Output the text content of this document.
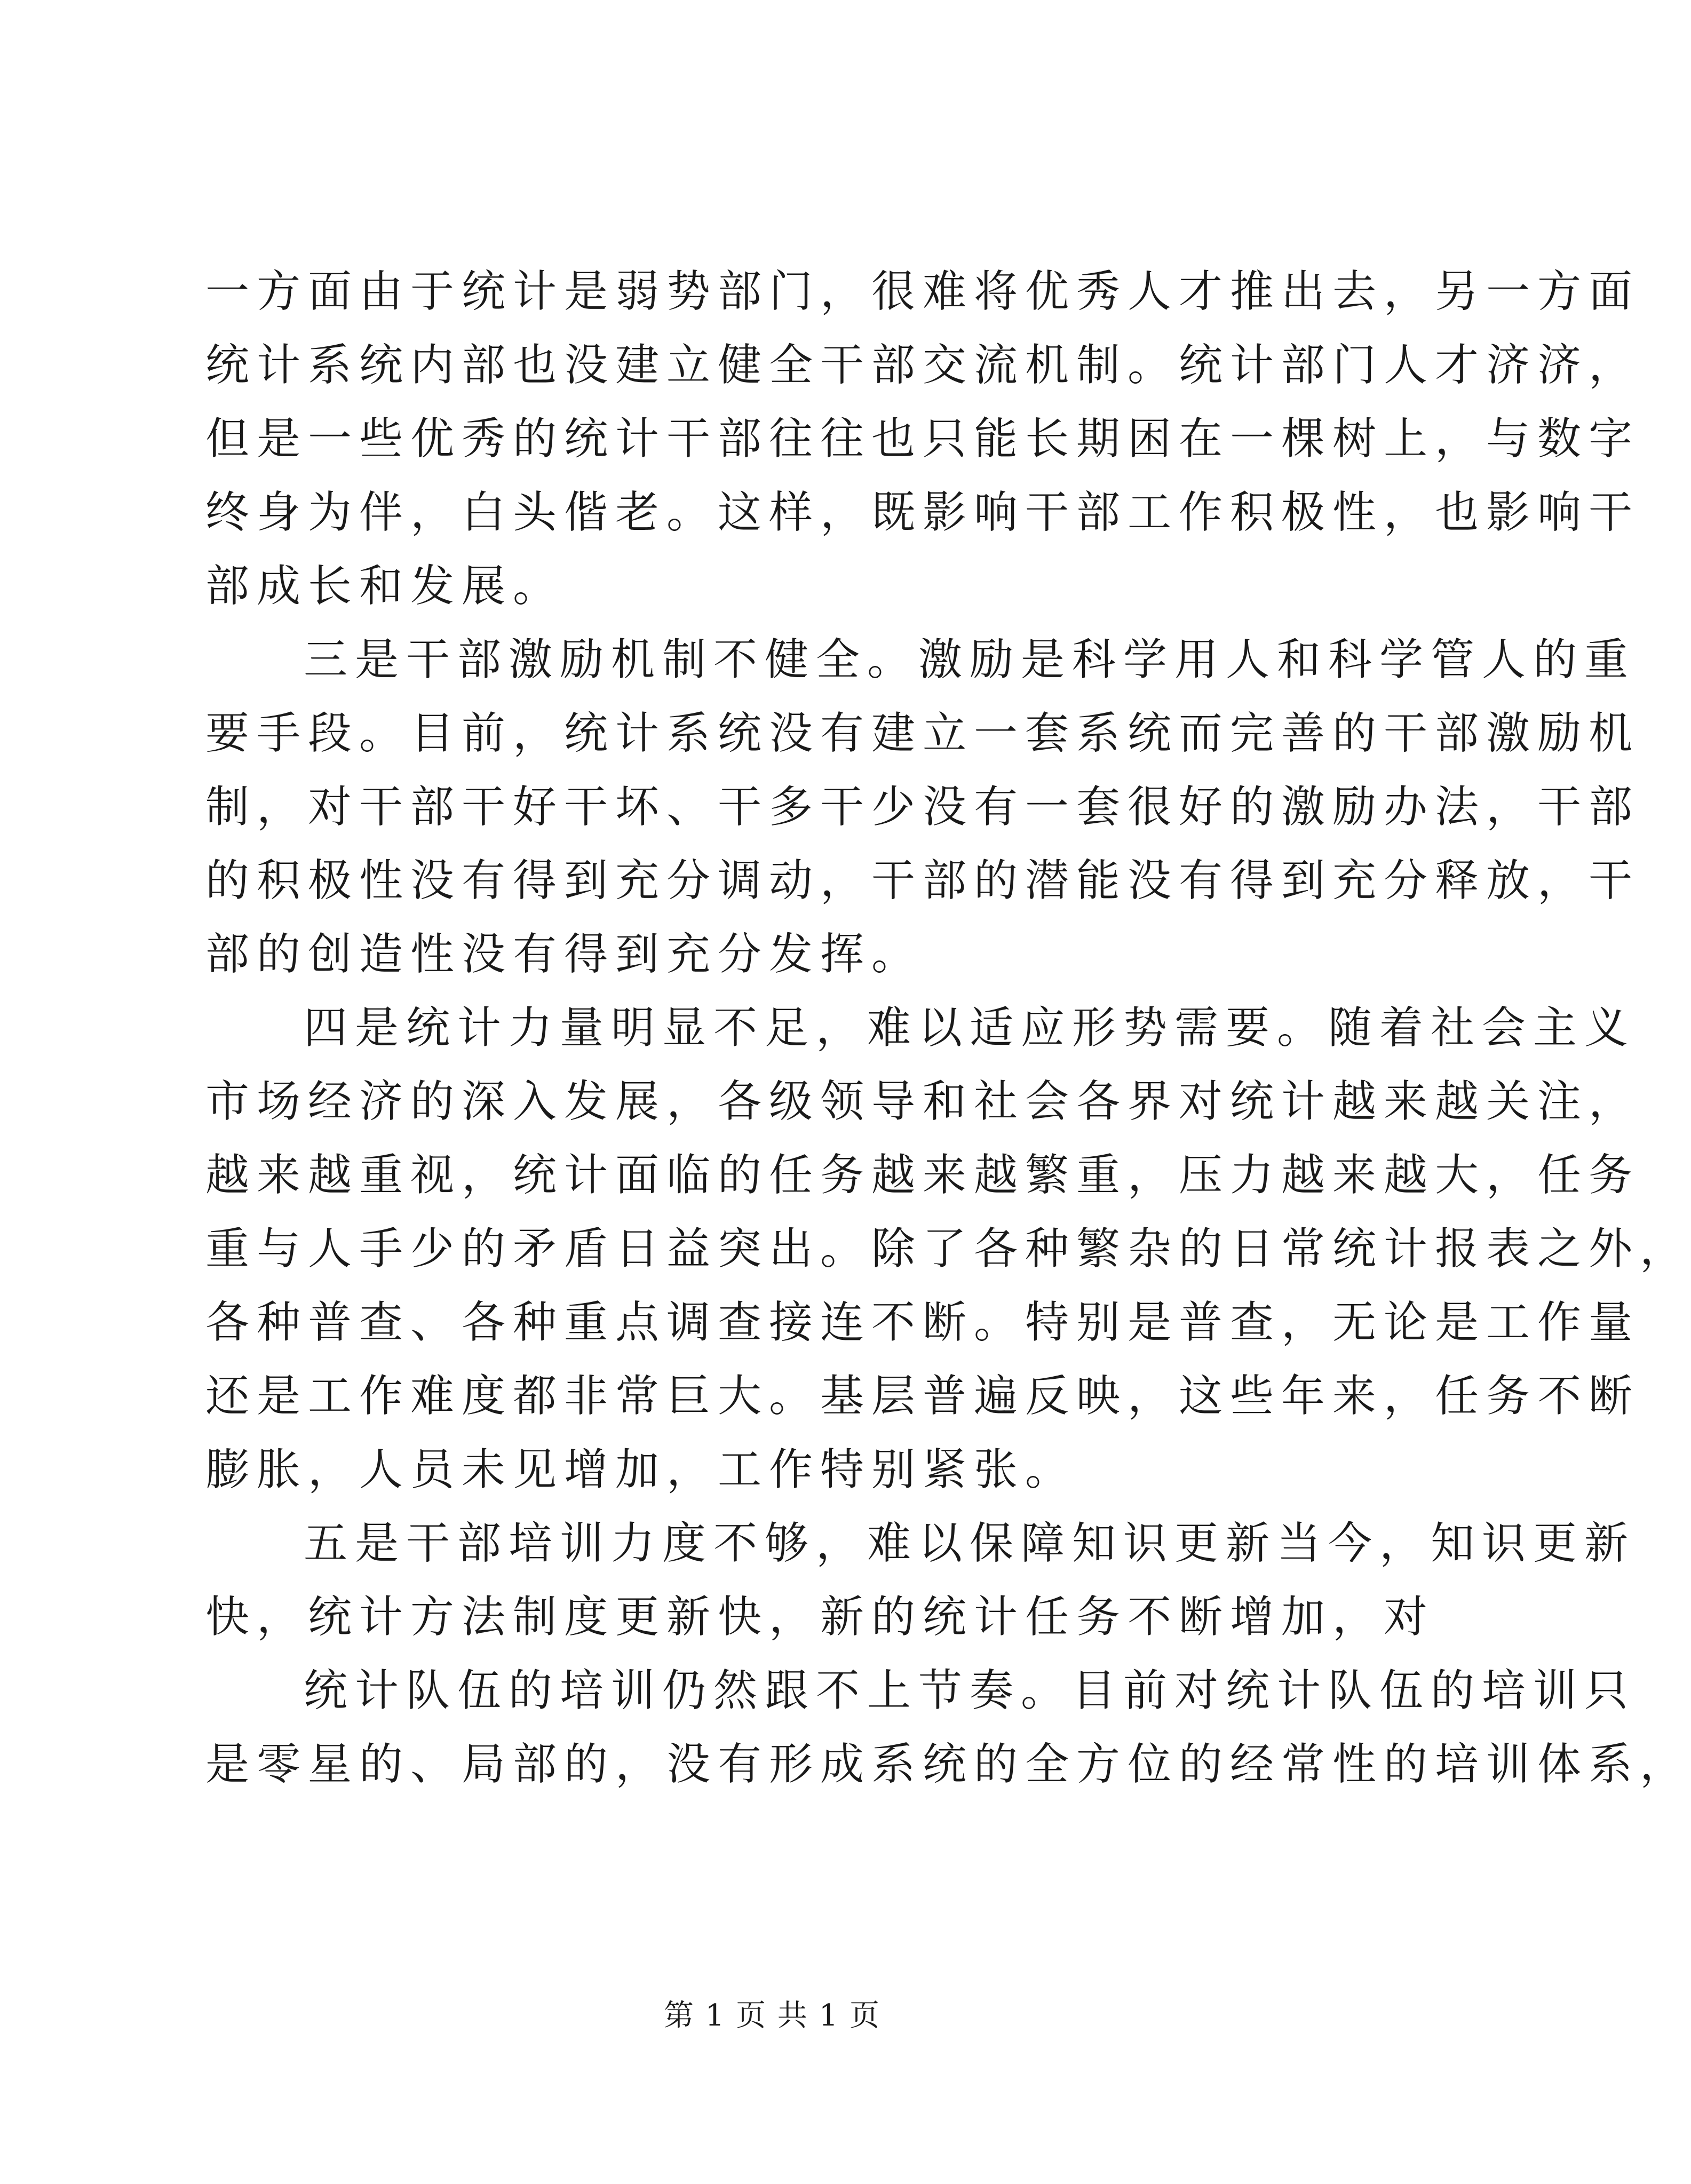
一方面由于统计是弱势部门，很难将优秀人才推出去，另一方面
统计系统内部也没建立健全干部交流机制。统计部门人才济济，
但是一些优秀的统计干部往往也只能长期困在一棵树上，与数字
终身为伴，白头偕老。这样，既影响干部工作积极性，也影响干
部成长和发展。
三是干部激励机制不健全。激励是科学用人和科学管人的重
要手段。目前，统计系统没有建立一套系统而完善的干部激励机
制，对干部干好干坏、干多干少没有一套很好的激励办法，干部
的积极性没有得到充分调动，干部的潜能没有得到充分释放，干
部的创造性没有得到充分发挥。
四是统计力量明显不足，难以适应形势需要。随着社会主义
市场经济的深入发展，各级领导和社会各界对统计越来越关注，
越来越重视，统计面临的任务越来越繁重，压力越来越大，任务
重与人手少的矛盾日益突出。除了各种繁杂的日常统计报表之外，
各种普查、各种重点调查接连不断。特别是普查，无论是工作量
还是工作难度都非常巨大。基层普遍反映，这些年来，任务不断
膨胀，人员未见增加，工作特别紧张。
五是干部培训力度不够，难以保障知识更新当今，知识更新
快，统计方法制度更新快，新的统计任务不断增加，对
统计队伍的培训仍然跟不上节奏。目前对统计队伍的培训只
是零星的、局部的，没有形成系统的全方位的经常性的培训体系，
第 1 页 共 1 页
